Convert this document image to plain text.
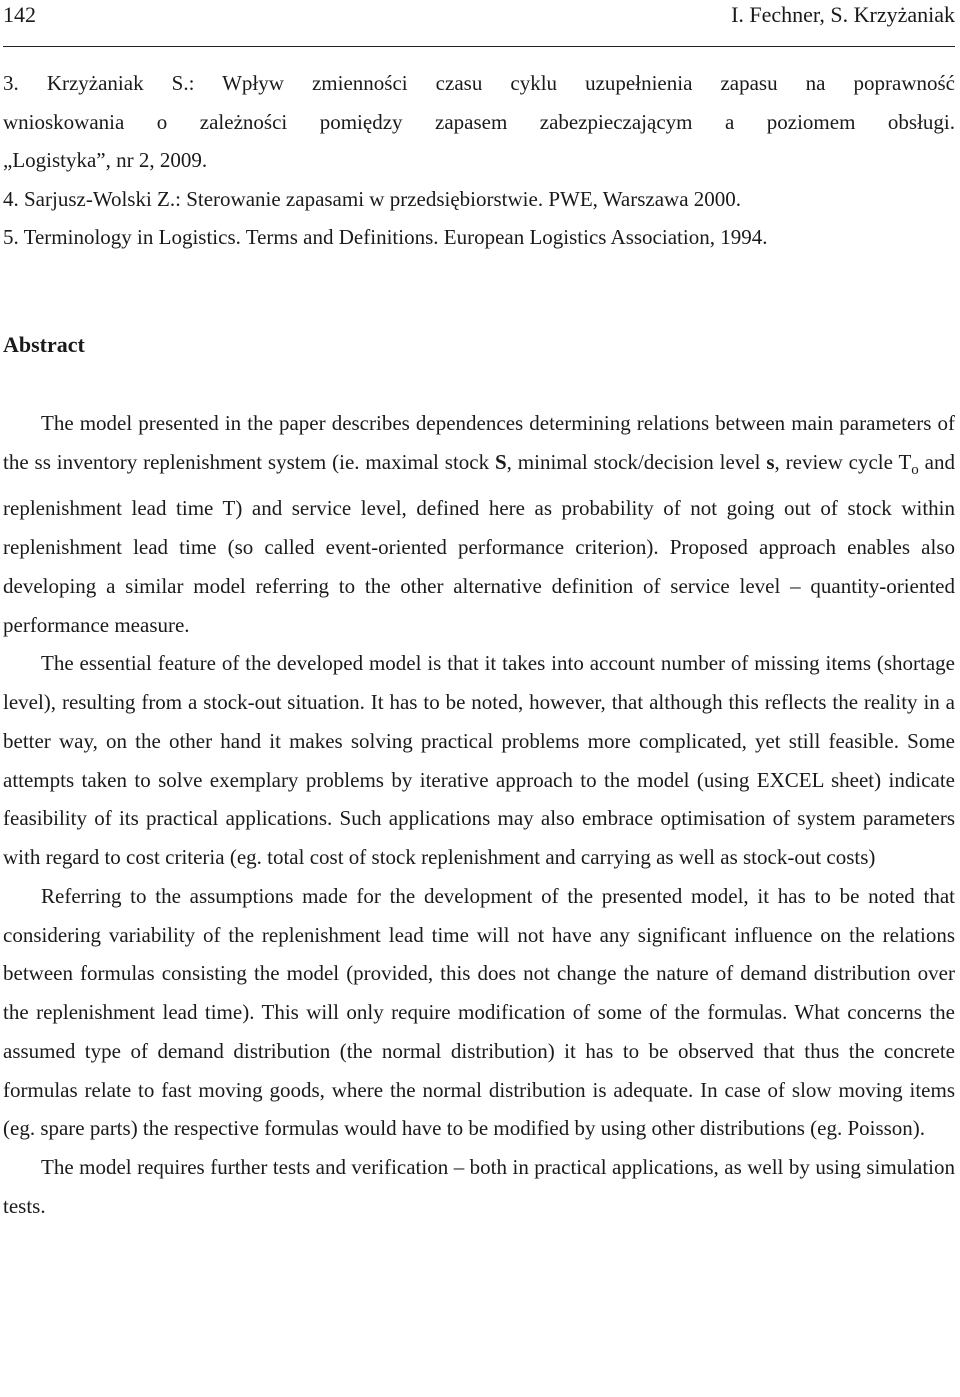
142	I. Fechner, S. Krzyżaniak
3. Krzyżaniak S.: Wpływ zmienności czasu cyklu uzupełnienia zapasu na poprawność
wnioskowania o zależności pomiędzy zapasem zabezpieczającym a poziomem obsługi.
„Logistyka”, nr 2, 2009.
4. Sarjusz-Wolski Z.: Sterowanie zapasami w przedsiębiorstwie. PWE, Warszawa 2000.
5. Terminology in Logistics. Terms and Definitions. European Logistics Association, 1994.
Abstract

The model presented in the paper describes dependences determining relations between main parameters of the ss inventory replenishment system (ie. maximal stock S, minimal stock/decision level s, review cycle $T_o$ and replenishment lead time T) and service level, defined here as probability of not going out of stock within replenishment lead time (so called event-oriented performance criterion). Proposed approach enables also developing a similar model referring to the other alternative definition of service level – quantity-oriented performance measure.

The essential feature of the developed model is that it takes into account number of missing items (shortage level), resulting from a stock-out situation. It has to be noted, however, that although this reflects the reality in a better way, on the other hand it makes solving practical problems more complicated, yet still feasible. Some attempts taken to solve exemplary problems by iterative approach to the model (using EXCEL sheet) indicate feasibility of its practical applications. Such applications may also embrace optimisation of system parameters with regard to cost criteria (eg. total cost of stock replenishment and carrying as well as stock-out costs)

Referring to the assumptions made for the development of the presented model, it has to be noted that considering variability of the replenishment lead time will not have any significant influence on the relations between formulas consisting the model (provided, this does not change the nature of demand distribution over the replenishment lead time). This will only require modification of some of the formulas. What concerns the assumed type of demand distribution (the normal distribution) it has to be observed that thus the concrete formulas relate to fast moving goods, where the normal distribution is adequate. In case of slow moving items (eg. spare parts) the respective formulas would have to be modified by using other distributions (eg. Poisson).

The model requires further tests and verification – both in practical applications, as well by using simulation tests.
